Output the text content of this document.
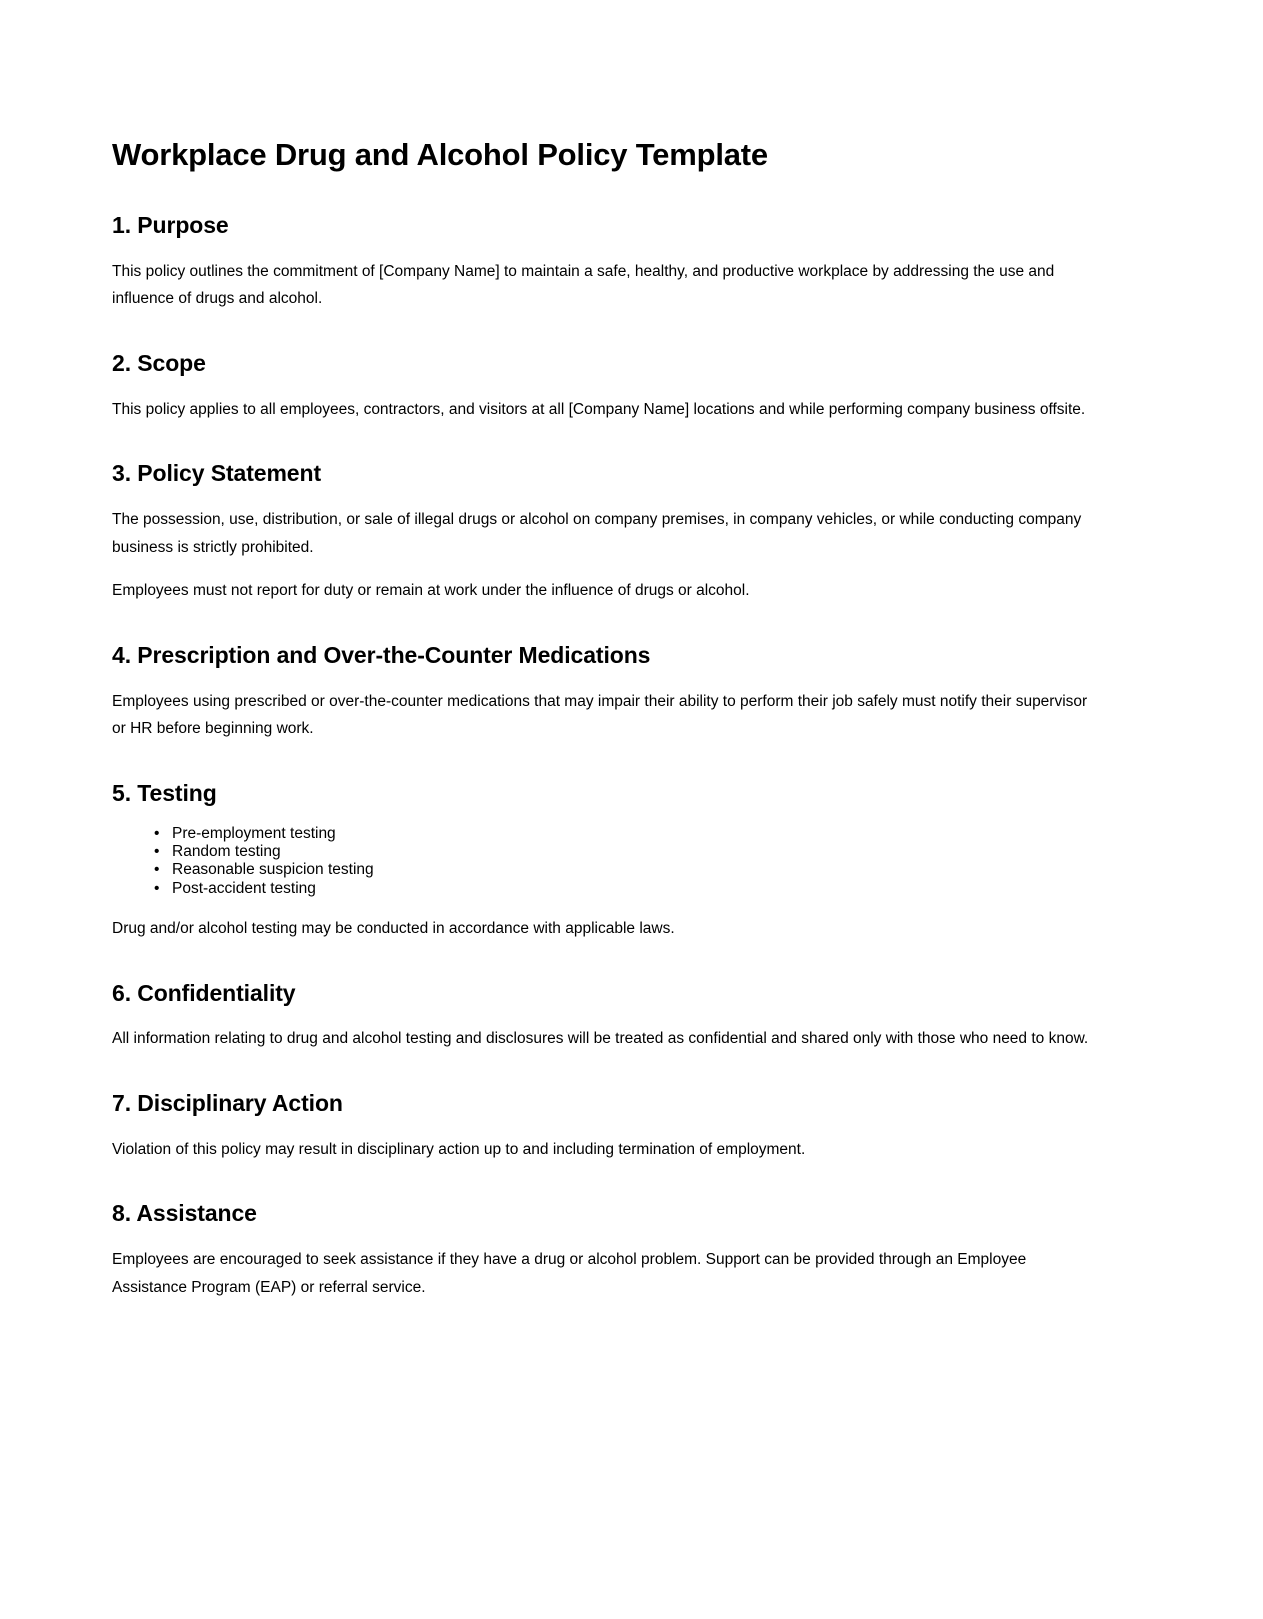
Workplace Drug and Alcohol Policy Template
1. Purpose

This policy outlines the commitment of [Company Name] to maintain a safe, healthy, and productive workplace by addressing the use and influence of drugs and alcohol.

2. Scope

This policy applies to all employees, contractors, and visitors at all [Company Name] locations and while performing company business offsite.

3. Policy Statement

The possession, use, distribution, or sale of illegal drugs or alcohol on company premises, in company vehicles, or while conducting company business is strictly prohibited.

Employees must not report for duty or remain at work under the influence of drugs or alcohol.

4. Prescription and Over-the-Counter Medications

Employees using prescribed or over-the-counter medications that may impair their ability to perform their job safely must notify their supervisor or HR before beginning work.

5. Testing
• Pre-employment testing
• Random testing
• Reasonable suspicion testing
• Post-accident testing

Drug and/or alcohol testing may be conducted in accordance with applicable laws.

6. Confidentiality

All information relating to drug and alcohol testing and disclosures will be treated as confidential and shared only with those who need to know.

7. Disciplinary Action

Violation of this policy may result in disciplinary action up to and including termination of employment.

8. Assistance

Employees are encouraged to seek assistance if they have a drug or alcohol problem. Support can be provided through an Employee Assistance Program (EAP) or referral service.
